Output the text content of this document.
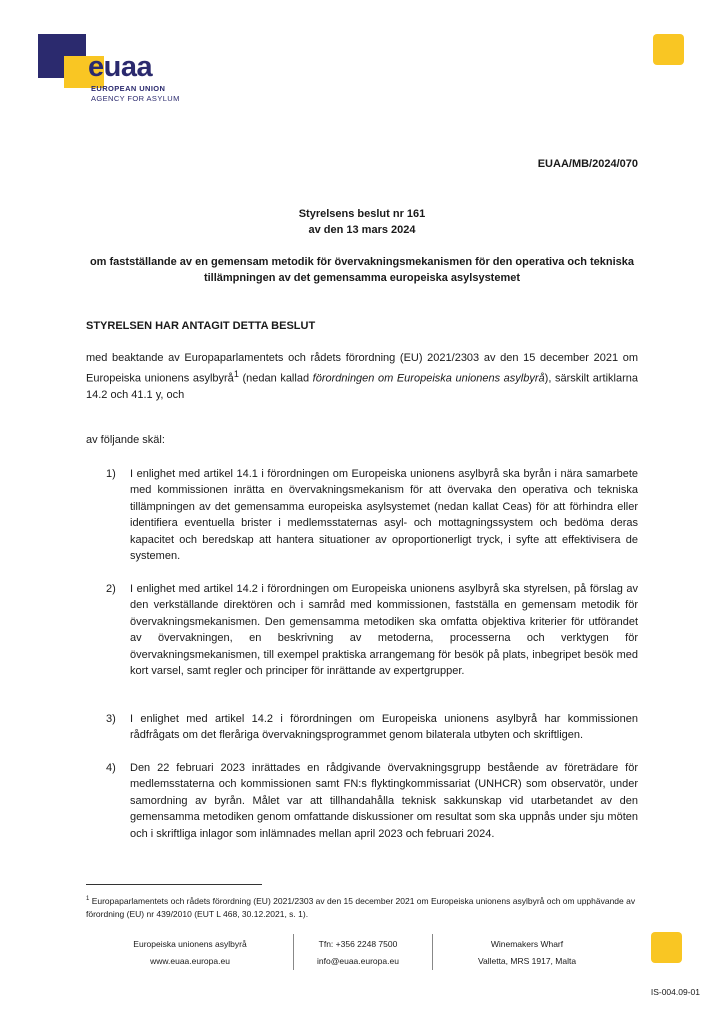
euaa
EUROPEAN UNION
AGENCY FOR ASYLUM
EUAA/MB/2024/070
Styrelsens beslut nr 161
av den 13 mars 2024
om fastställande av en gemensam metodik för övervakningsmekanismen för den operativa och tekniska tillämpningen av det gemensamma europeiska asylsystemet
STYRELSEN HAR ANTAGIT DETTA BESLUT
med beaktande av Europaparlamentets och rådets förordning (EU) 2021/2303 av den 15 december 2021 om Europeiska unionens asylbyrå$^1$ (nedan kallad förordningen om Europeiska unionens asylbyrå), särskilt artiklarna 14.2 och 41.1 y, och
av följande skäl:
1) I enlighet med artikel 14.1 i förordningen om Europeiska unionens asylbyrå ska byrån i nära samarbete med kommissionen inrätta en övervakningsmekanism för att övervaka den operativa och tekniska tillämpningen av det gemensamma europeiska asylsystemet (nedan kallat Ceas) för att förhindra eller identifiera eventuella brister i medlemsstaternas asyl- och mottagningssystem och bedöma deras kapacitet och beredskap att hantera situationer av oproportionerligt tryck, i syfte att effektivisera de systemen.
2) I enlighet med artikel 14.2 i förordningen om Europeiska unionens asylbyrå ska styrelsen, på förslag av den verkställande direktören och i samråd med kommissionen, fastställa en gemensam metodik för övervakningsmekanismen. Den gemensamma metodiken ska omfatta objektiva kriterier för utförandet av övervakningen, en beskrivning av metoderna, processerna och verktygen för övervakningsmekanismen, till exempel praktiska arrangemang för besök på plats, inbegripet besök med kort varsel, samt regler och principer för inrättande av expertgrupper.
3) I enlighet med artikel 14.2 i förordningen om Europeiska unionens asylbyrå har kommissionen rådfrågats om det fleråriga övervakningsprogrammet genom bilaterala utbyten och skriftligen.
4) Den 22 februari 2023 inrättades en rådgivande övervakningsgrupp bestående av företrädare för medlemsstaterna och kommissionen samt FN:s flyktingkommissariat (UNHCR) som observatör, under samordning av byrån. Målet var att tillhandahålla teknisk sakkunskap vid utarbetandet av den gemensamma metodiken genom omfattande diskussioner om resultat som ska uppnås under sju möten och i skriftliga inlagor som inlämnades mellan april 2023 och februari 2024.
$^1$ Europaparlamentets och rådets förordning (EU) 2021/2303 av den 15 december 2021 om Europeiska unionens asylbyrå och om upphävande av förordning (EU) nr 439/2010 (EUT L 468, 30.12.2021, s. 1).
Europeiska unionens asylbyrå
www.euaa.europa.eu
Tfn: +356 2248 7500
info@euaa.europa.eu
Winemakers Wharf
Valletta, MRS 1917, Malta
IS-004.09-01
